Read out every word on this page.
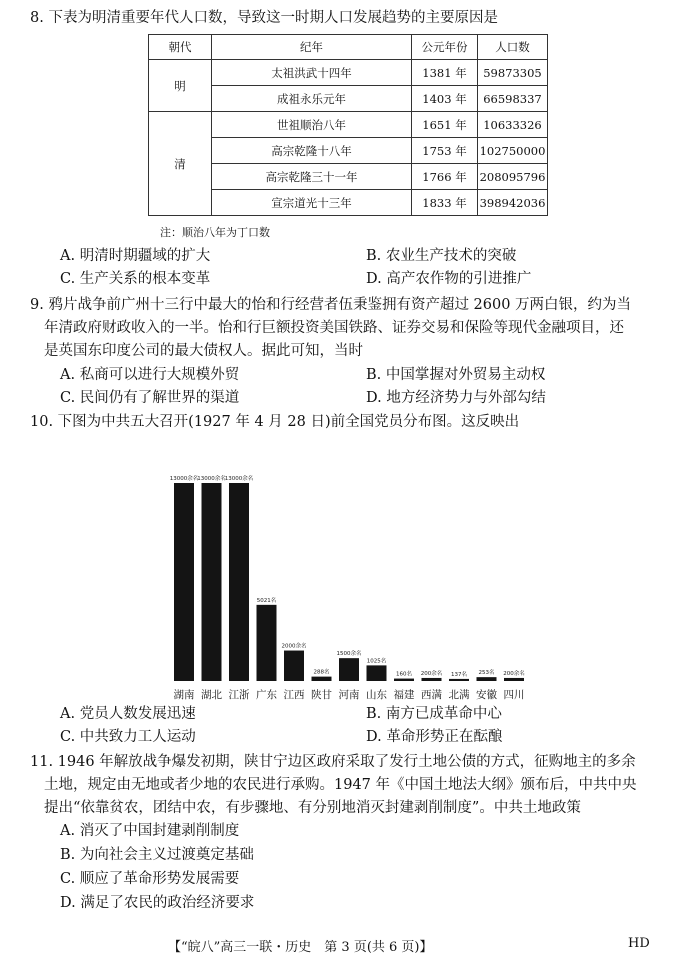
8. 下表为明清重要年代人口数，导致这一时期人口发展趋势的主要原因是
朝代	纪年	公元年份	人口数
明	太祖洪武十四年	1381 年	59873305
	成祖永乐元年	1403 年	66598337
清	世祖顺治八年	1651 年	10633326
	高宗乾隆十八年	1753 年	102750000
	高宗乾隆三十一年	1766 年	208095796
	宣宗道光十三年	1833 年	398942036
注：顺治八年为丁口数
A. 明清时期疆域的扩大	B. 农业生产技术的突破
C. 生产关系的根本变革	D. 高产农作物的引进推广
9. 鸦片战争前广州十三行中最大的怡和行经营者伍秉鉴拥有资产超过 2600 万两白银，约为当
年清政府财政收入的一半。怡和行巨额投资美国铁路、证券交易和保险等现代金融项目，还
是英国东印度公司的最大债权人。据此可知，当时
A. 私商可以进行大规模外贸	B. 中国掌握对外贸易主动权
C. 民间仍有了解世界的渠道	D. 地方经济势力与外部勾结
10. 下图为中共五大召开(1927 年 4 月 28 日)前全国党员分布图。这反映出
13000余名
湖南
13000余名
湖北
13000余名
江浙
5021名
广东
2000余名
江西
288名
陕甘
1500余名
河南
1025名
山东
160名
福建
200余名
西满
137名
北满
253名
安徽
200余名
四川
A. 党员人数发展迅速	B. 南方已成革命中心
C. 中共致力工人运动	D. 革命形势正在酝酿
11. 1946 年解放战争爆发初期，陕甘宁边区政府采取了发行土地公债的方式，征购地主的多余
土地，规定由无地或者少地的农民进行承购。1947 年《中国土地法大纲》颁布后，中共中央
提出“依靠贫农，团结中农，有步骤地、有分别地消灭封建剥削制度”。中共土地政策
A. 消灭了中国封建剥削制度
B. 为向社会主义过渡奠定基础
C. 顺应了革命形势发展需要
D. 满足了农民的政治经济要求
【“皖八”高三一联・历史　第 3 页(共 6 页)】	HD
